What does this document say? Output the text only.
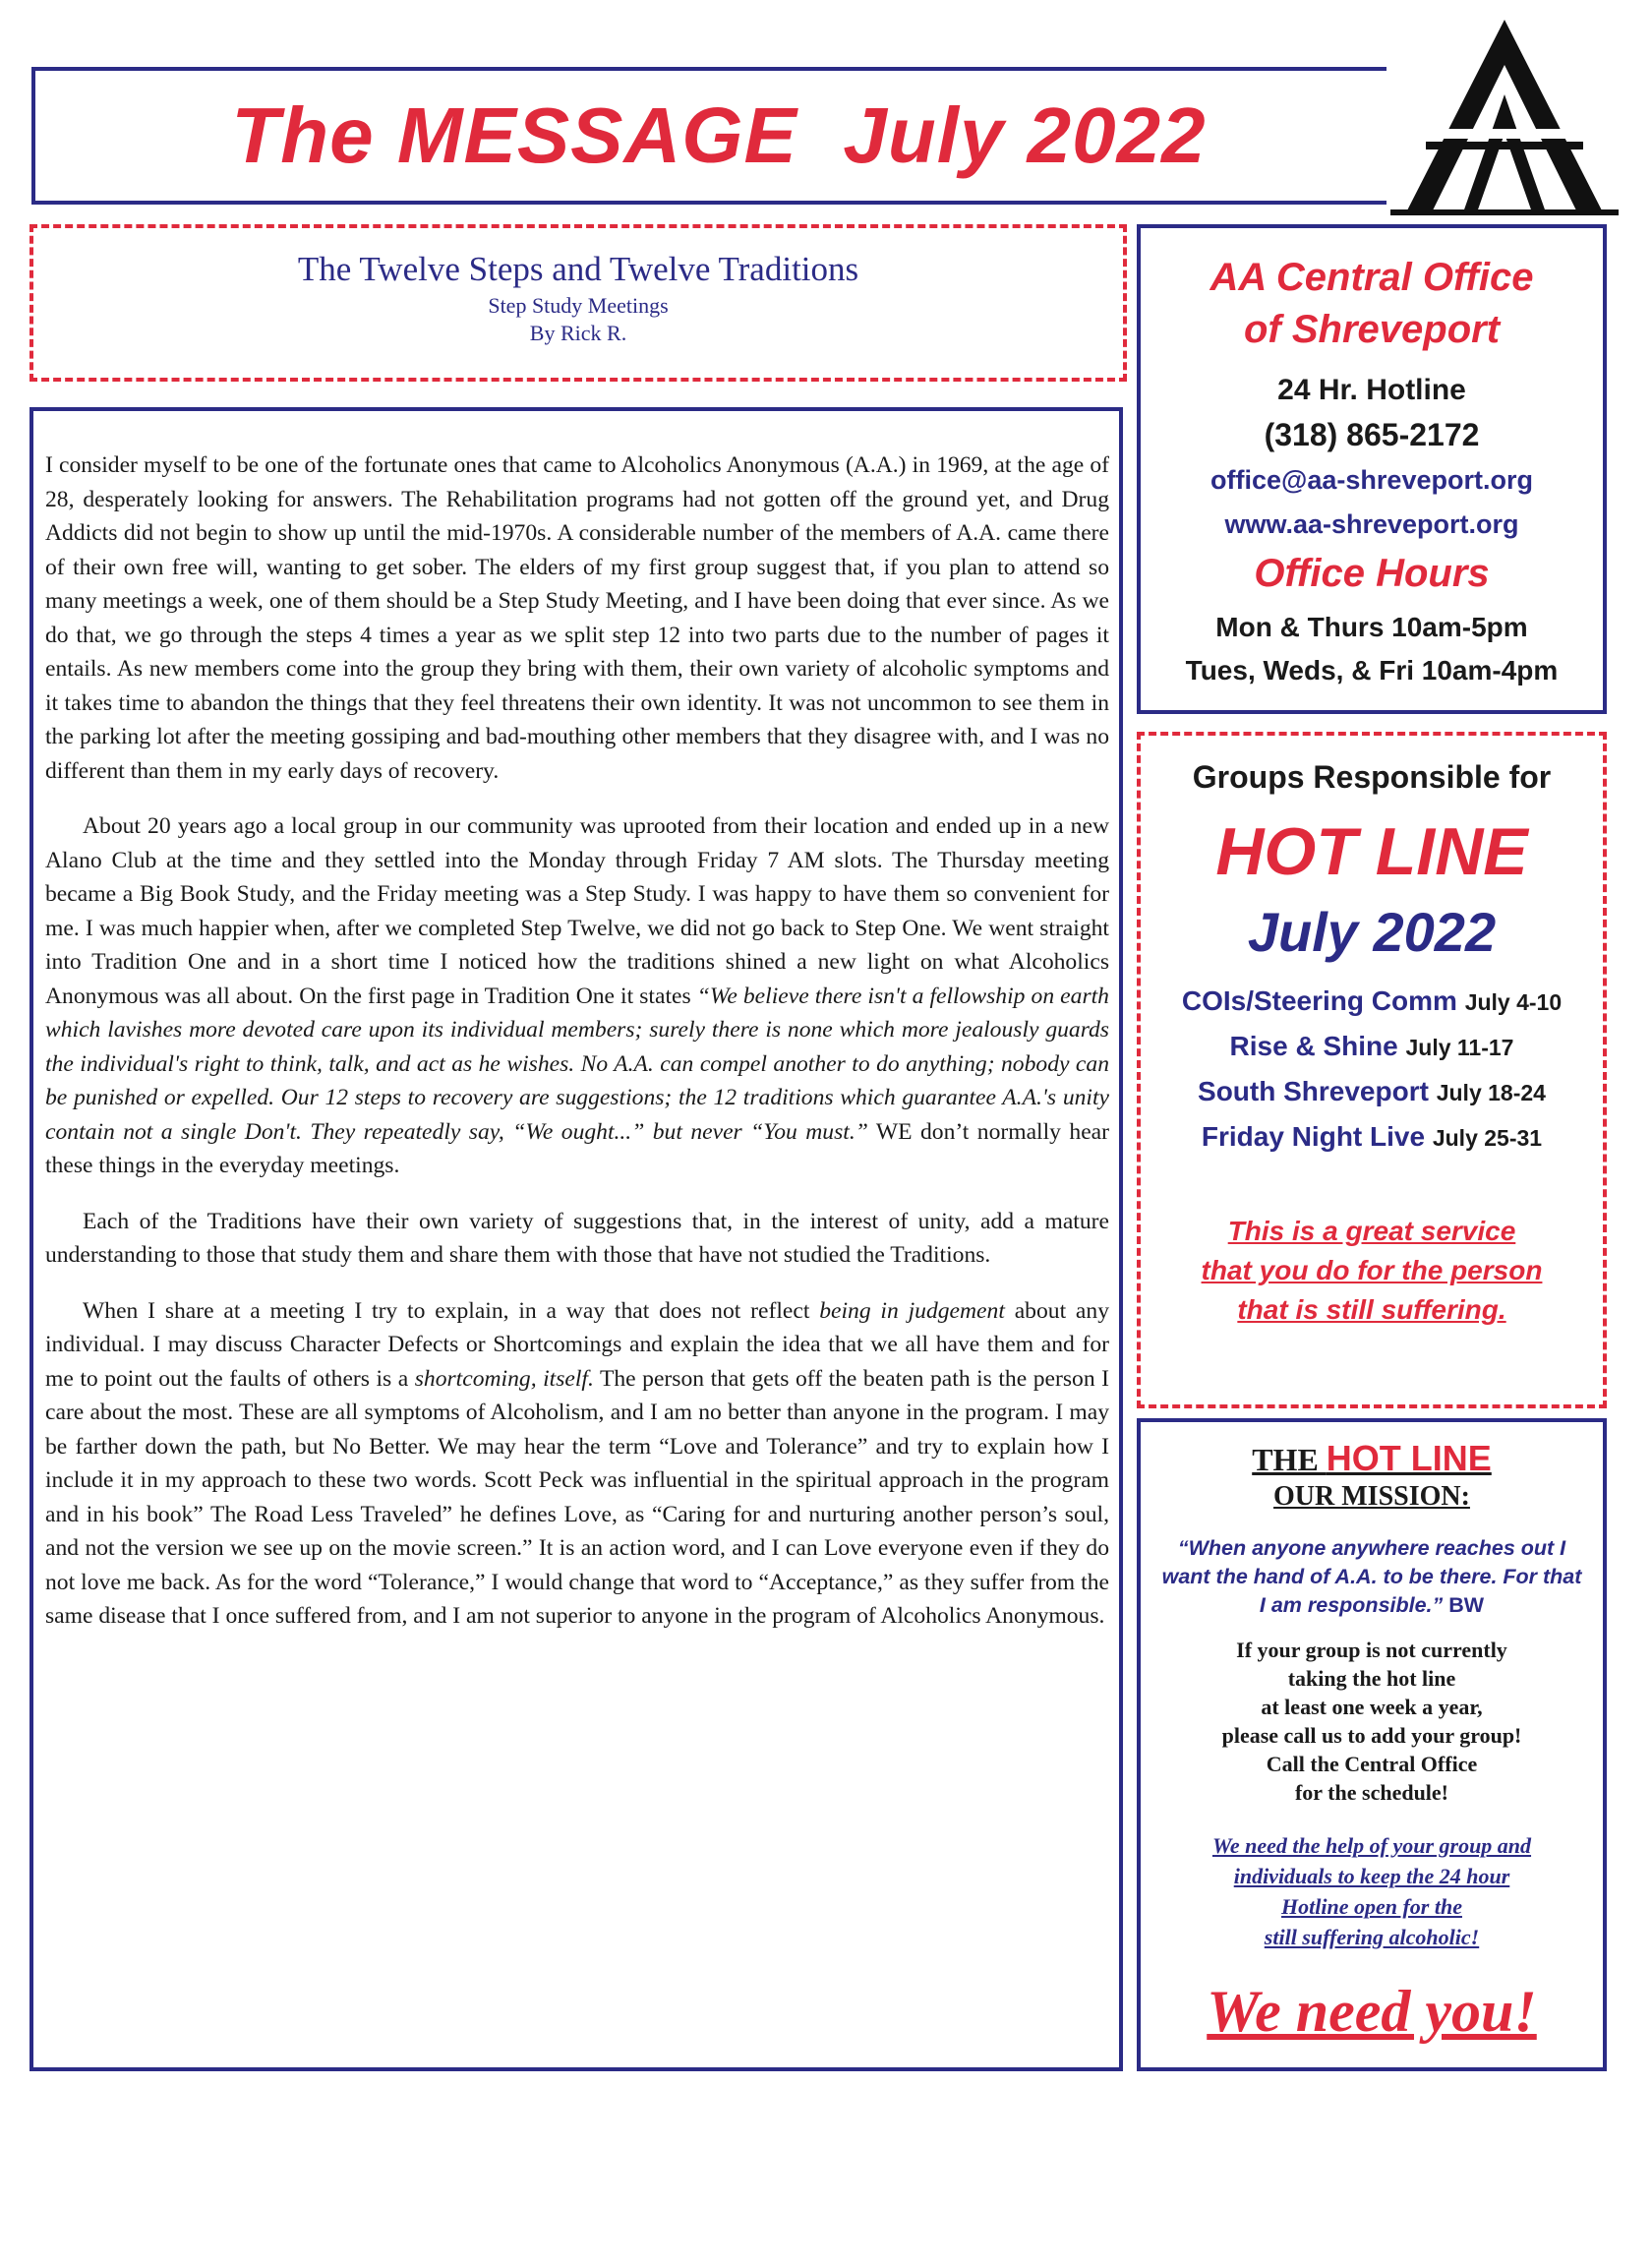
The MESSAGE  July 2022
The Twelve Steps and Twelve Traditions
Step Study Meetings
By Rick R.

I consider myself to be one of the fortunate ones that came to Alcoholics Anonymous (A.A.) in 1969, at the age of 28, desperately looking for answers. The Rehabilitation programs had not gotten off the ground yet, and Drug Addicts did not begin to show up until the mid-1970s. A considerable number of the members of A.A. came there of their own free will, wanting to get sober. The elders of my first group suggest that, if you plan to attend so many meetings a week, one of them should be a Step Study Meeting, and I have been doing that ever since. As we do that, we go through the steps 4 times a year as we split step 12 into two parts due to the number of pages it entails. As new members come into the group they bring with them, their own variety of alcoholic symptoms and it takes time to abandon the things that they feel threatens their own identity. It was not uncommon to see them in the parking lot after the meeting gossiping and bad-mouthing other members that they disagree with, and I was no different than them in my early days of recovery.

About 20 years ago a local group in our community was uprooted from their location and ended up in a new Alano Club at the time and they settled into the Monday through Friday 7 AM slots. The Thursday meeting became a Big Book Study, and the Friday meeting was a Step Study. I was happy to have them so convenient for me. I was much happier when, after we completed Step Twelve, we did not go back to Step One. We went straight into Tradition One and in a short time I noticed how the traditions shined a new light on what Alcoholics Anonymous was all about. On the first page in Tradition One it states “We believe there isn't a fellowship on earth which lavishes more devoted care upon its individual members; surely there is none which more jealously guards the individual's right to think, talk, and act as he wishes. No A.A. can compel another to do anything; nobody can be punished or expelled. Our 12 steps to recovery are suggestions; the 12 traditions which guarantee A.A.'s unity contain not a single Don't. They repeatedly say, “We ought...” but never “You must.” WE don’t normally hear these things in the everyday meetings.

Each of the Traditions have their own variety of suggestions that, in the interest of unity, add a mature understanding to those that study them and share them with those that have not studied the Traditions.

When I share at a meeting I try to explain, in a way that does not reflect being in judgement about any individual. I may discuss Character Defects or Shortcomings and explain the idea that we all have them and for me to point out the faults of others is a shortcoming, itself. The person that gets off the beaten path is the person I care about the most. These are all symptoms of Alcoholism, and I am no better than anyone in the program. I may be farther down the path, but No Better. We may hear the term “Love and Tolerance” and try to explain how I include it in my approach to these two words. Scott Peck was influential in the spiritual approach in the program and in his book” The Road Less Traveled” he defines Love, as “Caring for and nurturing another person’s soul, and not the version we see up on the movie screen.” It is an action word, and I can Love everyone even if they do not love me back. As for the word “Tolerance,” I would change that word to “Acceptance,” as they suffer from the same disease that I once suffered from, and I am not superior to anyone in the program of Alcoholics Anonymous.

AA Central Office
of Shreveport
24 Hr. Hotline
(318) 865-2172
office@aa-shreveport.org
www.aa-shreveport.org
Office Hours
Mon & Thurs 10am-5pm
Tues, Weds, & Fri 10am-4pm
Groups Responsible for
HOT LINE
July 2022
COIs/Steering Comm July 4-10
Rise & Shine July 11-17
South Shreveport July 18-24
Friday Night Live July 25-31
This is a great service
that you do for the person
that is still suffering.
THE HOT LINE
OUR MISSION:
“When anyone anywhere reaches out I want the hand of A.A. to be there. For that I am responsible.” BW
If your group is not currently
taking the hot line
at least one week a year,
please call us to add your group!
Call the Central Office
for the schedule!
We need the help of your group and
individuals to keep the 24 hour
Hotline open for the
still suffering alcoholic!
We need you!
